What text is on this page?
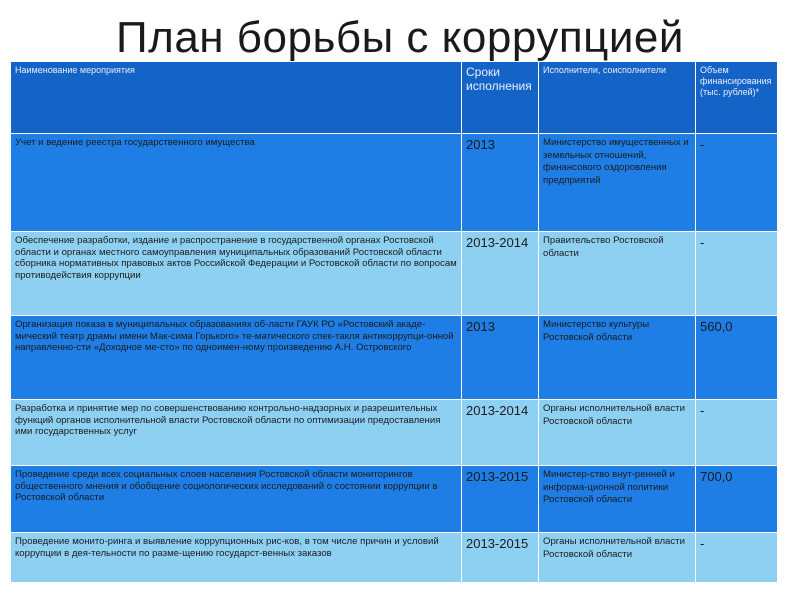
План борьбы с коррупцией
Наименование мероприятия	Сроки исполнения	Исполнители, соисполнители	Объем финансирования (тыс. рублей)*
Учет и ведение реестра государственного имущества	2013	Министерство имущественных и земельных отношений, финансового оздоровления предприятий	-
Обеспечение разработки, издание и распространение в государственной органах Ростовской области и органах местного самоуправления муниципальных образований Ростовской области сборника нормативных правовых актов Российской Федерации и Ростовской области по вопросам противодействия коррупции	2013-2014	Правительство Ростовской области	-
Организация показа в муниципальных образованиях об-ласти ГАУК РО «Ростовский акаде-мический театр драмы имени Мак-сима Горького» те-матического спек-такля антикоррупци-онной направленно-сти «Доходное ме-сто» по одноимен-ному произведению А.Н. Островского	2013	Министерство культуры Ростовской области	560,0
Разработка и принятие мер по совершенствованию контрольно-надзорных и разрешительных функций органов исполнительной власти Ростовской области по оптимизации предоставления ими государственных услуг	2013-2014	Органы исполнительной власти Ростовской области	-
Проведение среди всех социальных слоев населения Ростовской области мониторингов общественного мнения и обобщение социологических исследований о состоянии коррупции в Ростовской области	2013-2015	Министер-ство внут-ренней и информа-ционной политики Ростовской области	700,0
Проведение монито-ринга и выявление коррупционных рис-ков, в том числе причин и условий коррупции в дея-тельности по разме-щению государст-венных заказов	2013-2015	Органы исполнительной власти Ростовской области	-
